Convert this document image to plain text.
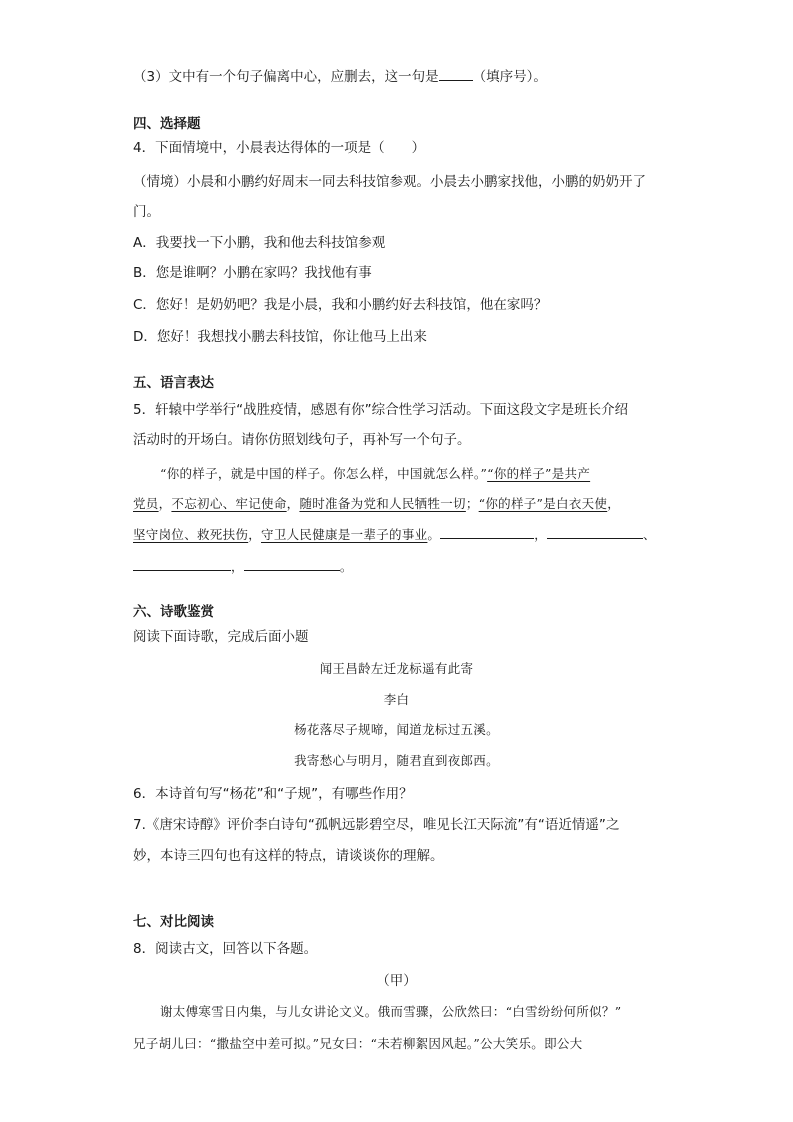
（3）文中有一个句子偏离中心，应删去，这一句是	（填序号）。
四、选择题
4．下面情境中，小晨表达得体的一项是（　　）
（情境）小晨和小鹏约好周末一同去科技馆参观。小晨去小鹏家找他，小鹏的奶奶开了
门。
A．我要找一下小鹏，我和他去科技馆参观
B．您是谁啊？小鹏在家吗？我找他有事
C．您好！是奶奶吧？我是小晨，我和小鹏约好去科技馆，他在家吗？
D．您好！我想找小鹏去科技馆，你让他马上出来
五、语言表达
5．轩辕中学举行“战胜疫情，感恩有你”综合性学习活动。下面这段文字是班长介绍
活动时的开场白。请你仿照划线句子，再补写一个句子。
“你的样子，就是中国的样子。你怎么样，中国就怎么样。”“你的样子”是共产
党员，不忘初心、牢记使命，随时准备为党和人民牺牲一切；“你的样子”是白衣天使，
坚守岗位、救死扶伤，守卫人民健康是一辈子的事业。	，	、
，	。
六、诗歌鉴赏
阅读下面诗歌，完成后面小题
闻王昌龄左迁龙标遥有此寄
李白
杨花落尽子规啼，闻道龙标过五溪。
我寄愁心与明月，随君直到夜郎西。
6．本诗首句写“杨花”和“子规”，有哪些作用？
7.《唐宋诗醇》评价李白诗句“孤帆远影碧空尽，唯见长江天际流”有“语近情遥”之
妙，本诗三四句也有这样的特点，请谈谈你的理解。
七、对比阅读
8．阅读古文，回答以下各题。
（甲）
谢太傅寒雪日内集，与儿女讲论文义。俄而雪骤，公欣然曰：“白雪纷纷何所似？”
兄子胡儿曰：“撒盐空中差可拟。”兄女曰：“未若柳絮因风起。”公大笑乐。即公大
